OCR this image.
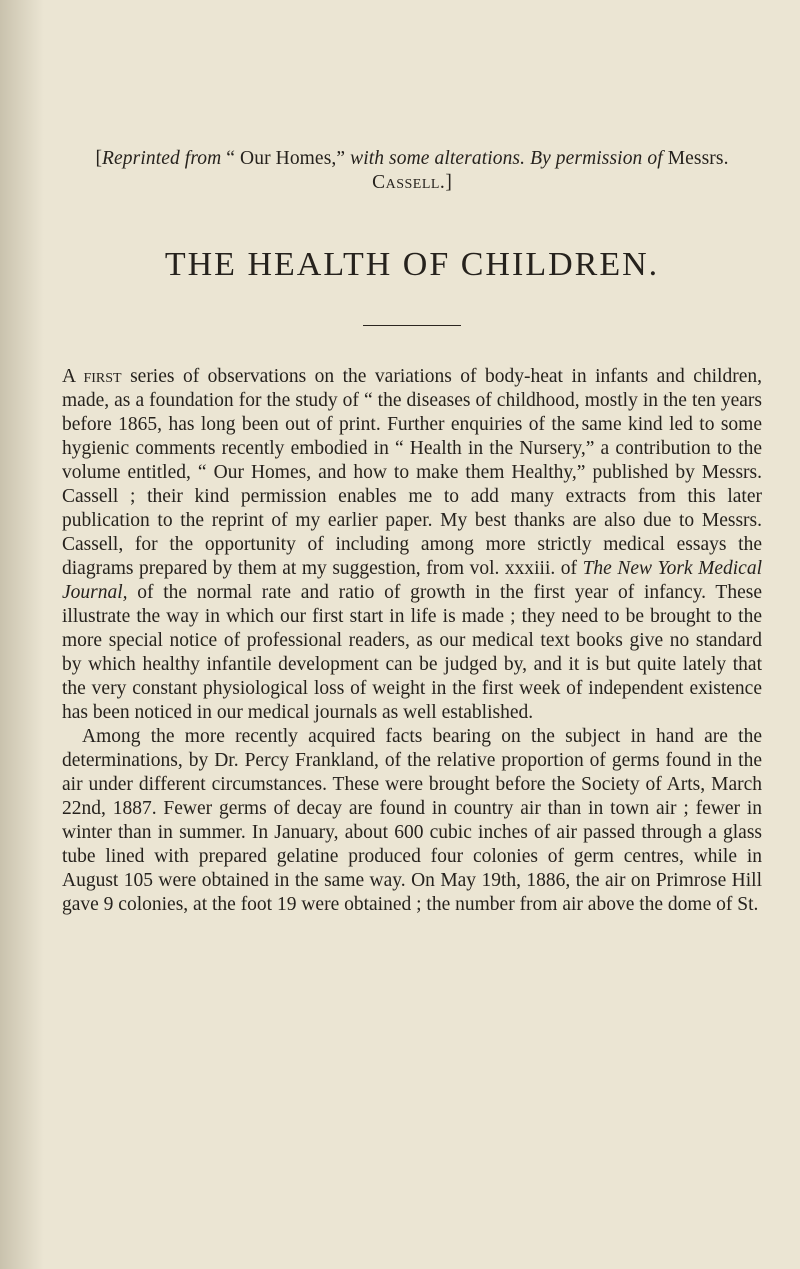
[Reprinted from “ Our Homes,” with some alterations. By permission of Messrs. Cassell.]
THE HEALTH OF CHILDREN.

A first series of observations on the variations of body-heat in infants and children, made, as a foundation for the study of “ the diseases of childhood, mostly in the ten years before 1865, has long been out of print. Further enquiries of the same kind led to some hygienic comments recently embodied in “ Health in the Nursery,” a contribution to the volume entitled, “ Our Homes, and how to make them Healthy,” published by Messrs. Cassell ; their kind permission enables me to add many extracts from this later publication to the reprint of my earlier paper. My best thanks are also due to Messrs. Cassell, for the opportunity of including among more strictly medical essays the diagrams prepared by them at my suggestion, from vol. xxxiii. of The New York Medical Journal, of the normal rate and ratio of growth in the first year of infancy. These illustrate the way in which our first start in life is made ; they need to be brought to the more special notice of professional readers, as our medical text books give no standard by which healthy infantile development can be judged by, and it is but quite lately that the very constant physiological loss of weight in the first week of independent existence has been noticed in our medical journals as well established.

Among the more recently acquired facts bearing on the subject in hand are the determinations, by Dr. Percy Frankland, of the relative proportion of germs found in the air under different circumstances. These were brought before the Society of Arts, March 22nd, 1887. Fewer germs of decay are found in country air than in town air ; fewer in winter than in summer. In January, about 600 cubic inches of air passed through a glass tube lined with prepared gelatine produced four colonies of germ centres, while in August 105 were obtained in the same way. On May 19th, 1886, the air on Primrose Hill gave 9 colonies, at the foot 19 were obtained ; the number from air above the dome of St.
